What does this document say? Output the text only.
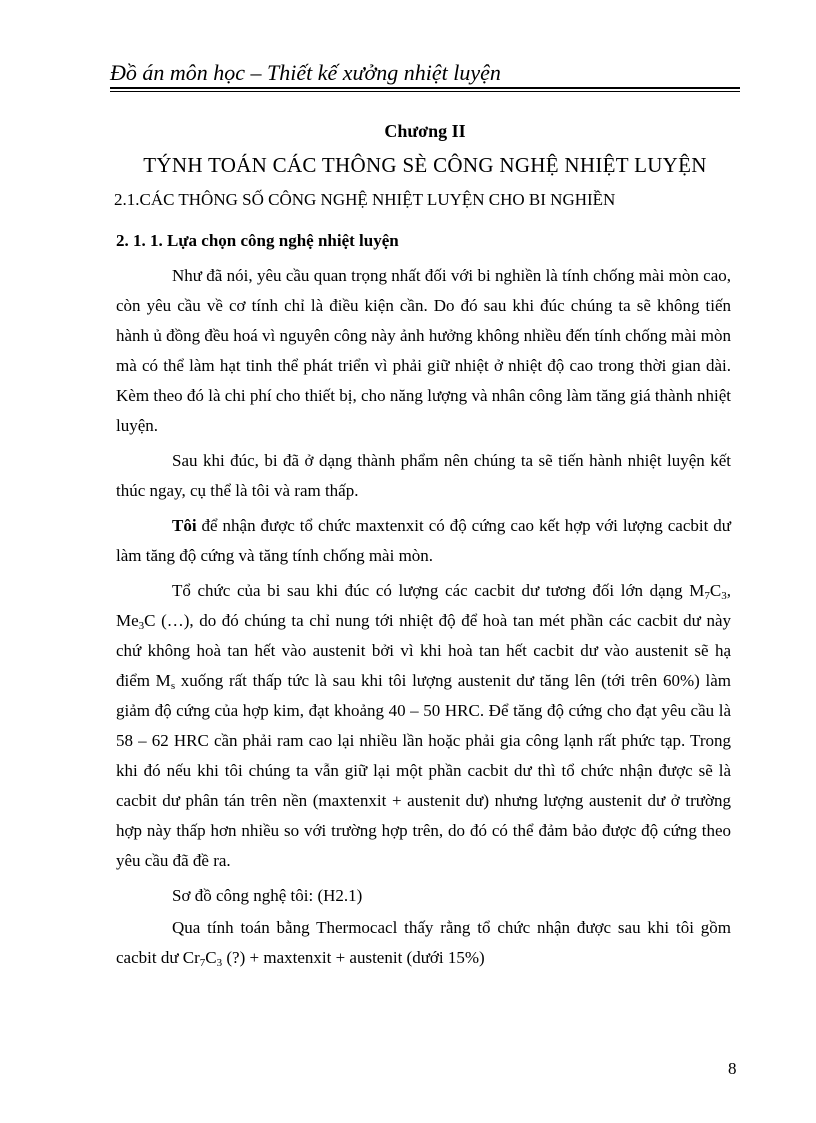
Đồ án môn học – Thiết kế xưởng nhiệt luyện
Chương II
TÝNH TOÁN CÁC THÔNG SÈ CÔNG NGHỆ NHIỆT LUYỆN
2.1.CÁC THÔNG SỐ CÔNG NGHỆ NHIỆT LUYỆN CHO BI NGHIỀN
2. 1. 1. Lựa chọn công nghệ nhiệt luyện

Như đã nói, yêu cầu quan trọng nhất đối với bi nghiền là tính chống mài mòn cao, còn yêu cầu về cơ tính chỉ là điều kiện cần. Do đó sau khi đúc chúng ta sẽ không tiến hành ủ đồng đều hoá vì nguyên công này ảnh hưởng không nhiều đến tính chống mài mòn mà có thể làm hạt tinh thể phát triển vì phải giữ nhiệt ở nhiệt độ cao trong thời gian dài. Kèm theo đó là chi phí cho thiết bị, cho năng lượng và nhân công làm tăng giá thành nhiệt luyện.

Sau khi đúc, bi đã ở dạng thành phẩm nên chúng ta sẽ tiến hành nhiệt luyện kết thúc ngay, cụ thể là tôi và ram thấp.

Tôi để nhận được tổ chức maxtenxit có độ cứng cao kết hợp với lượng cacbit dư làm tăng độ cứng và tăng tính chống mài mòn.

Tổ chức của bi sau khi đúc có lượng các cacbit dư tương đối lớn dạng $M_7C_3$, $Me_3C$ (…), do đó chúng ta chỉ nung tới nhiệt độ để hoà tan mét phần các cacbit dư này chứ không hoà tan hết vào austenit bởi vì khi hoà tan hết cacbit dư vào austenit sẽ hạ điểm $M_s$ xuống rất thấp tức là sau khi tôi lượng austenit dư tăng lên (tới trên 60%) làm giảm độ cứng của hợp kim, đạt khoảng 40 – 50 HRC. Để tăng độ cứng cho đạt yêu cầu là 58 – 62 HRC cần phải ram cao lại nhiều lần hoặc phải gia công lạnh rất phức tạp. Trong khi đó nếu khi tôi chúng ta vẫn giữ lại một phần cacbit dư thì tổ chức nhận được sẽ là cacbit dư phân tán trên nền (maxtenxit + austenit dư) nhưng lượng austenit dư ở trường hợp này thấp hơn nhiều so với trường hợp trên, do đó có thể đảm bảo được độ cứng theo yêu cầu đã đề ra.

Sơ đồ công nghệ tôi: (H2.1)

Qua tính toán bằng Thermocacl thấy rằng tổ chức nhận được sau khi tôi gồm cacbit dư $Cr_7C_3$ (?) + maxtenxit + austenit (dưới 15%)

8
